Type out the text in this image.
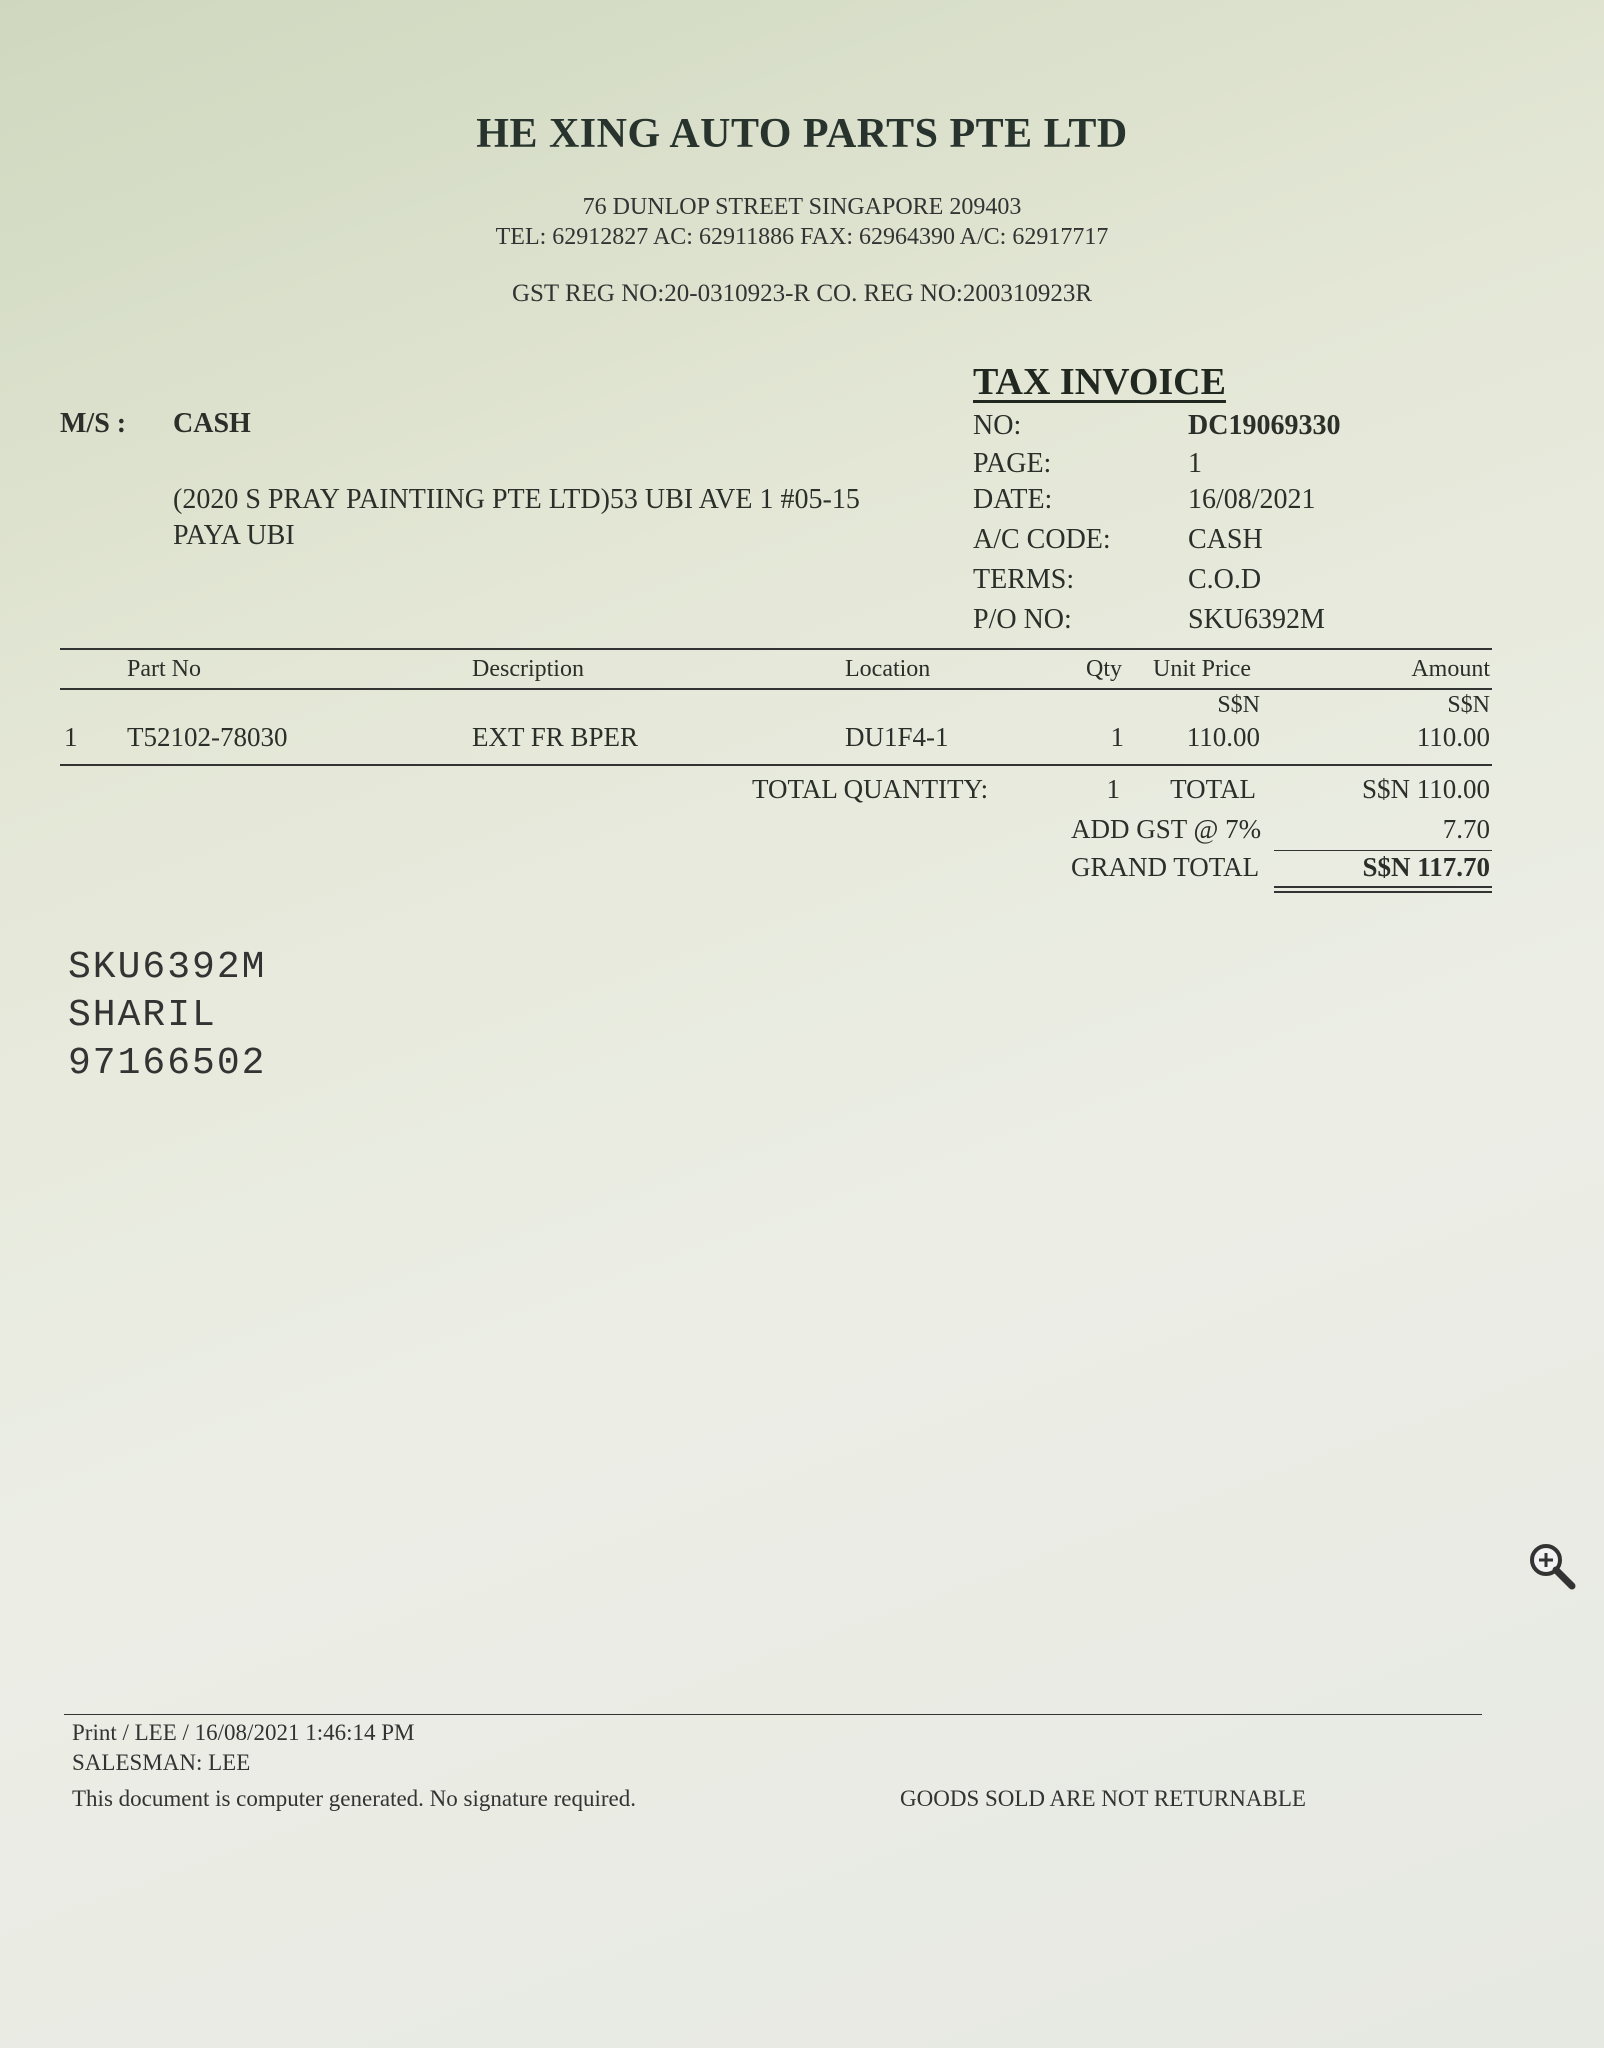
HE XING AUTO PARTS PTE LTD
76 DUNLOP STREET SINGAPORE 209403
TEL: 62912827 AC: 62911886 FAX: 62964390 A/C: 62917717
GST REG NO:20-0310923-R CO. REG NO:200310923R
TAX INVOICE
M/S : CASH
(2020 S PRAY PAINTIING PTE LTD)53 UBI AVE 1 #05-15
PAYA UBI
NO:	DC19069330
PAGE:	1
DATE:	16/08/2021
A/C CODE:	CASH
TERMS:	C.O.D
P/O NO:	SKU6392M
Part No	Description	Location	Qty Unit Price	Amount
S$N	S$N
1 T52102-78030	EXT FR BPER	DU1F4-1	1	110.00	110.00
TOTAL QUANTITY:	1	TOTAL	S$N 110.00
ADD GST @ 7%	7.70
GRAND TOTAL	S$N 117.70
SKU6392M
SHARIL
97166502
Print / LEE / 16/08/2021 1:46:14 PM
SALESMAN: LEE
This document is computer generated. No signature required.	GOODS SOLD ARE NOT RETURNABLE
